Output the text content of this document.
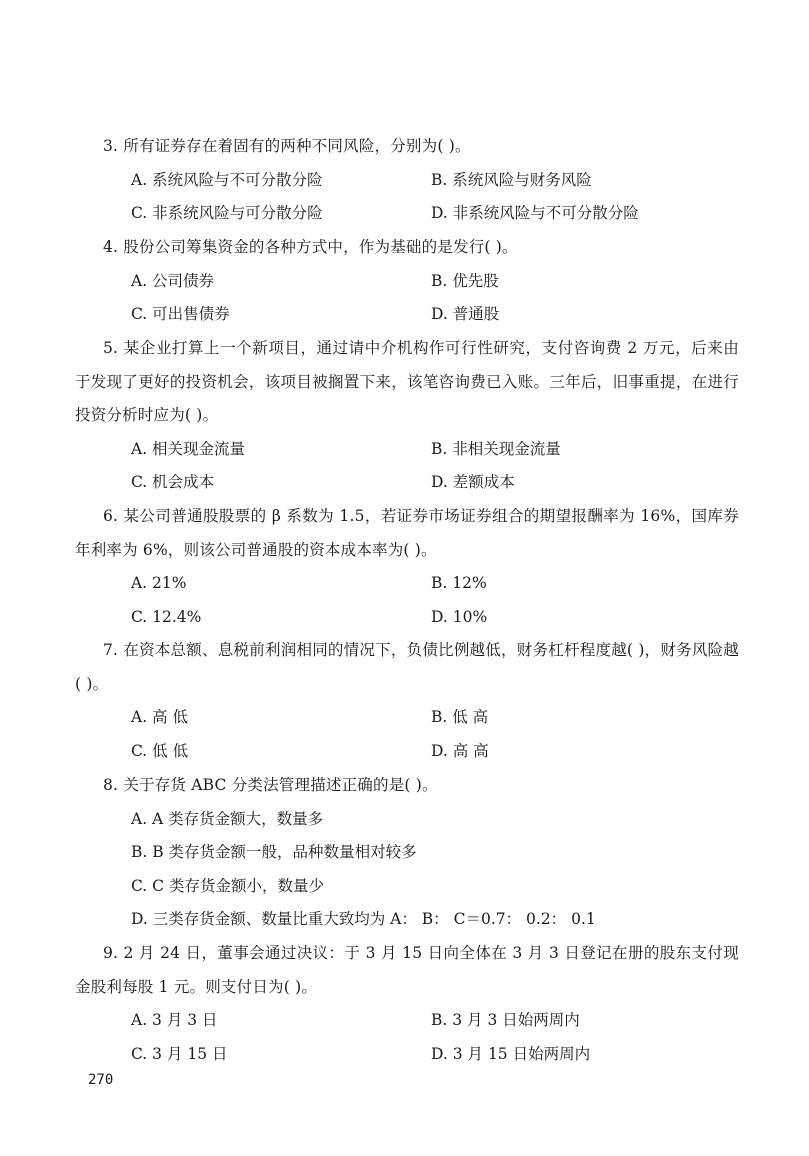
3. 所有证券存在着固有的两种不同风险，分别为( )。

A. 系统风险与不可分散分险	B. 系统风险与财务风险
C. 非系统风险与可分散分险	D. 非系统风险与不可分散分险

4. 股份公司筹集资金的各种方式中，作为基础的是发行( )。

A. 公司债券	B. 优先股
C. 可出售债券	D. 普通股

5. 某企业打算上一个新项目，通过请中介机构作可行性研究，支付咨询费 2 万元，后来由于发现了更好的投资机会，该项目被搁置下来，该笔咨询费已入账。三年后，旧事重提，在进行投资分析时应为( )。

A. 相关现金流量	B. 非相关现金流量
C. 机会成本	D. 差额成本

6. 某公司普通股股票的 β 系数为 1.5，若证券市场证券组合的期望报酬率为 16%，国库券年利率为 6%，则该公司普通股的资本成本率为( )。

A. 21%	B. 12%
C. 12.4%	D. 10%

7. 在资本总额、息税前利润相同的情况下，负债比例越低，财务杠杆程度越( )，财务风险越( )。

A. 高 低	B. 低 高
C. 低 低	D. 高 高

8. 关于存货 ABC 分类法管理描述正确的是( )。

A. A 类存货金额大，数量多
B. B 类存货金额一般，品种数量相对较多
C. C 类存货金额小，数量少
D. 三类存货金额、数量比重大致均为 A： B： C＝0.7： 0.2： 0.1

9. 2 月 24 日，董事会通过决议：于 3 月 15 日向全体在 3 月 3 日登记在册的股东支付现金股利每股 1 元。则支付日为( )。

A. 3 月 3 日	B. 3 月 3 日始两周内
C. 3 月 15 日	D. 3 月 15 日始两周内
270
